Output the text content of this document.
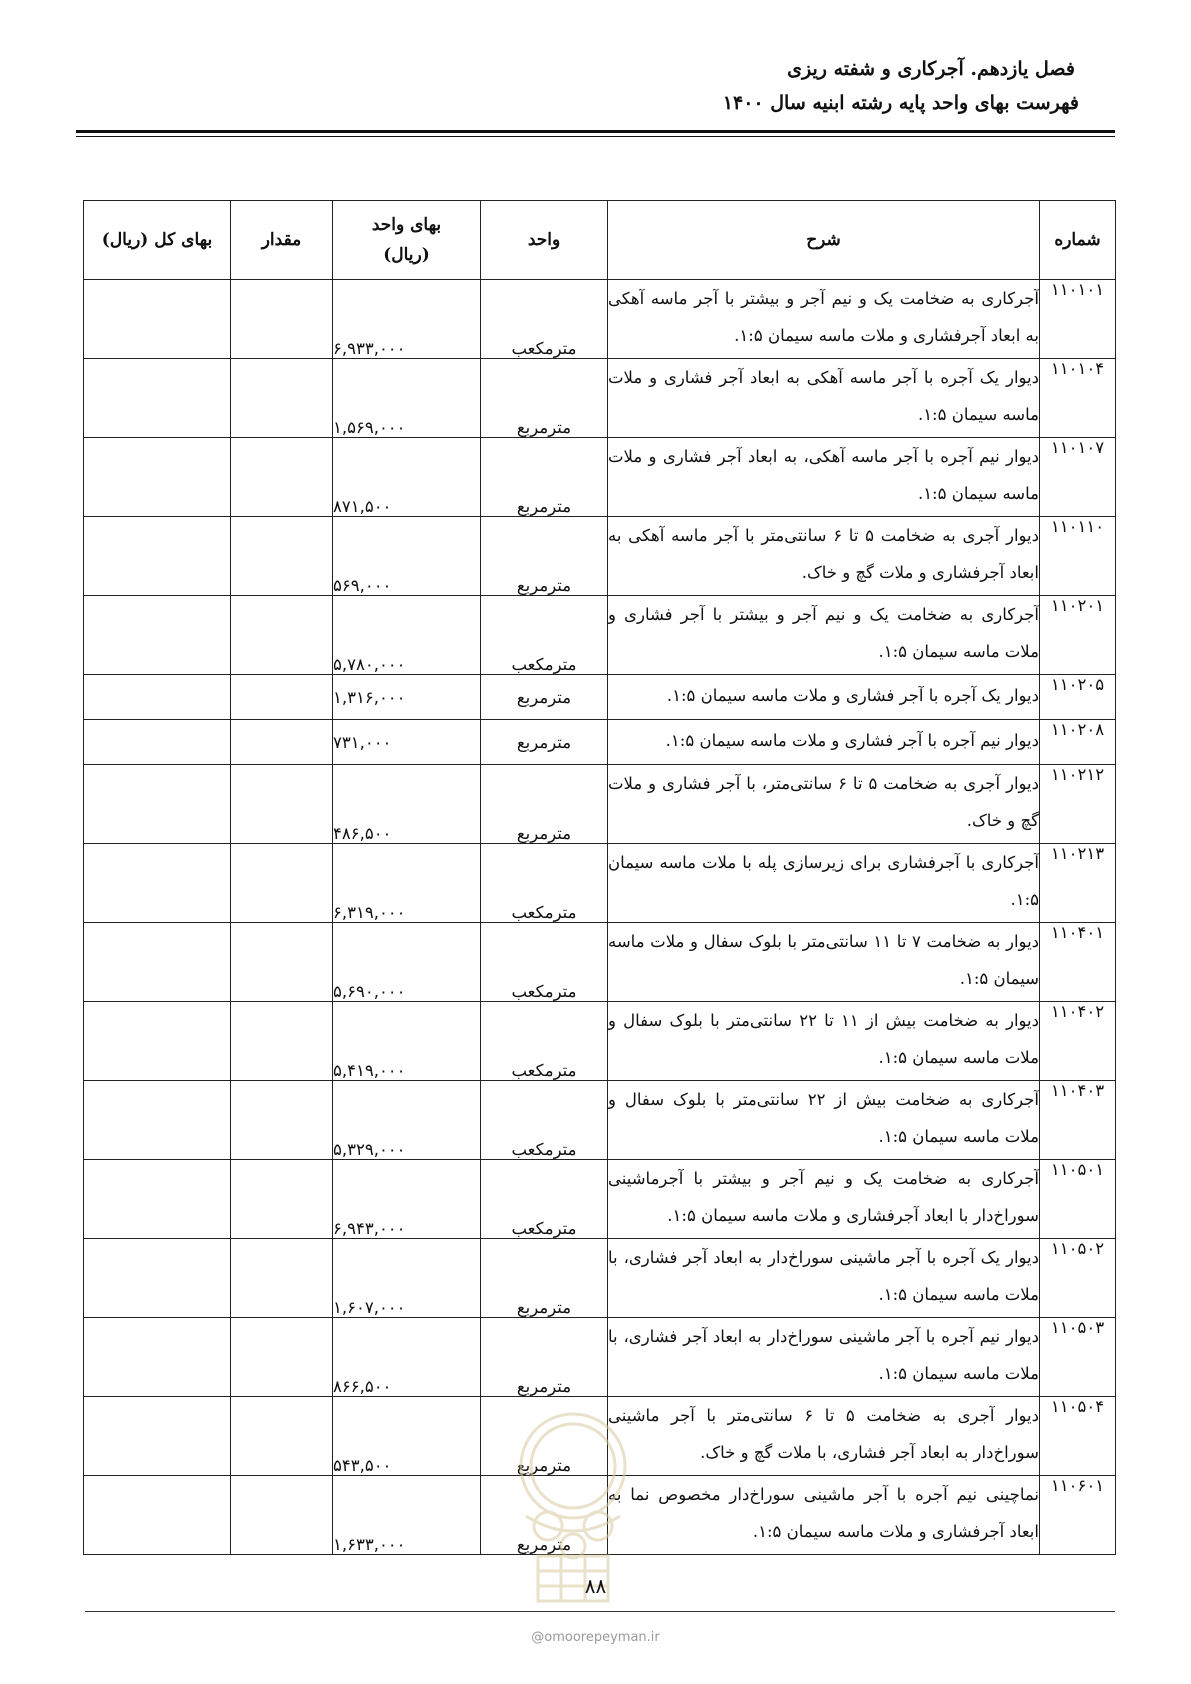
فصل یازدهم. آجرکاری و شفته ریزی
فهرست بهای واحد پایه رشته ابنیه سال ۱۴۰۰
شماره	شرح	واحد	بهای واحد
(ریال)	مقدار	بهای کل (ریال)
۱۱۰۱۰۱	آجرکاری به ضخامت یک و نیم آجر و بیشتر با آجر ماسه آهکی به ابعاد آجرفشاری و ملات ماسه سیمان ۱:۵.	مترمکعب	۶,۹۳۳,۰۰۰		
۱۱۰۱۰۴	دیوار یک آجره با آجر ماسه آهکی به ابعاد آجر فشاری و ملات ماسه سیمان ۱:۵.	مترمربع	۱,۵۶۹,۰۰۰		
۱۱۰۱۰۷	دیوار نیم آجره با آجر ماسه آهکی، به ابعاد آجر فشاری و ملات ماسه سیمان ۱:۵.	مترمربع	۸۷۱,۵۰۰		
۱۱۰۱۱۰	دیوار آجری به ضخامت ۵ تا ۶ سانتی‌متر با آجر ماسه آهکی به ابعاد آجرفشاری و ملات گچ و خاک.	مترمربع	۵۶۹,۰۰۰		
۱۱۰۲۰۱	آجرکاری به ضخامت یک و نیم آجر و بیشتر با آجر فشاری و ملات ماسه سیمان ۱:۵.	مترمکعب	۵,۷۸۰,۰۰۰		
۱۱۰۲۰۵	دیوار یک آجره با آجر فشاری و ملات ماسه سیمان ۱:۵.	مترمربع	۱,۳۱۶,۰۰۰		
۱۱۰۲۰۸	دیوار نیم آجره با آجر فشاری و ملات ماسه سیمان ۱:۵.	مترمربع	۷۳۱,۰۰۰		
۱۱۰۲۱۲	دیوار آجری به ضخامت ۵ تا ۶ سانتی‌متر، با آجر فشاری و ملات گچ و خاک.	مترمربع	۴۸۶,۵۰۰		
۱۱۰۲۱۳	آجرکاری با آجرفشاری برای زیرسازی پله با ملات ماسه سیمان ۱:۵.	مترمکعب	۶,۳۱۹,۰۰۰		
۱۱۰۴۰۱	دیوار به ضخامت ۷ تا ۱۱ سانتی‌متر با بلوک سفال و ملات ماسه سیمان ۱:۵.	مترمکعب	۵,۶۹۰,۰۰۰		
۱۱۰۴۰۲	دیوار به ضخامت بیش از ۱۱ تا ۲۲ سانتی‌متر با بلوک سفال و ملات ماسه سیمان ۱:۵.	مترمکعب	۵,۴۱۹,۰۰۰		
۱۱۰۴۰۳	آجرکاری به ضخامت بیش از ۲۲ سانتی‌متر با بلوک سفال و ملات ماسه سیمان ۱:۵.	مترمکعب	۵,۳۲۹,۰۰۰		
۱۱۰۵۰۱	آجرکاری به ضخامت یک و نیم آجر و بیشتر با آجرماشینی سوراخ‌دار با ابعاد آجرفشاری و ملات ماسه سیمان ۱:۵.	مترمکعب	۶,۹۴۳,۰۰۰		
۱۱۰۵۰۲	دیوار یک آجره با آجر ماشینی سوراخ‌دار به ابعاد آجر فشاری، با ملات ماسه سیمان ۱:۵.	مترمربع	۱,۶۰۷,۰۰۰		
۱۱۰۵۰۳	دیوار نیم آجره با آجر ماشینی سوراخ‌دار به ابعاد آجر فشاری، با ملات ماسه سیمان ۱:۵.	مترمربع	۸۶۶,۵۰۰		
۱۱۰۵۰۴	دیوار آجری به ضخامت ۵ تا ۶ سانتی‌متر با آجر ماشینی سوراخ‌دار به ابعاد آجر فشاری، با ملات گچ و خاک.	مترمربع	۵۴۳,۵۰۰		
۱۱۰۶۰۱	نماچینی نیم آجره با آجر ماشینی سوراخ‌دار مخصوص نما به ابعاد آجرفشاری و ملات ماسه سیمان ۱:۵.	مترمربع	۱,۶۳۳,۰۰۰		
۸۸
@omoorepeyman.ir
